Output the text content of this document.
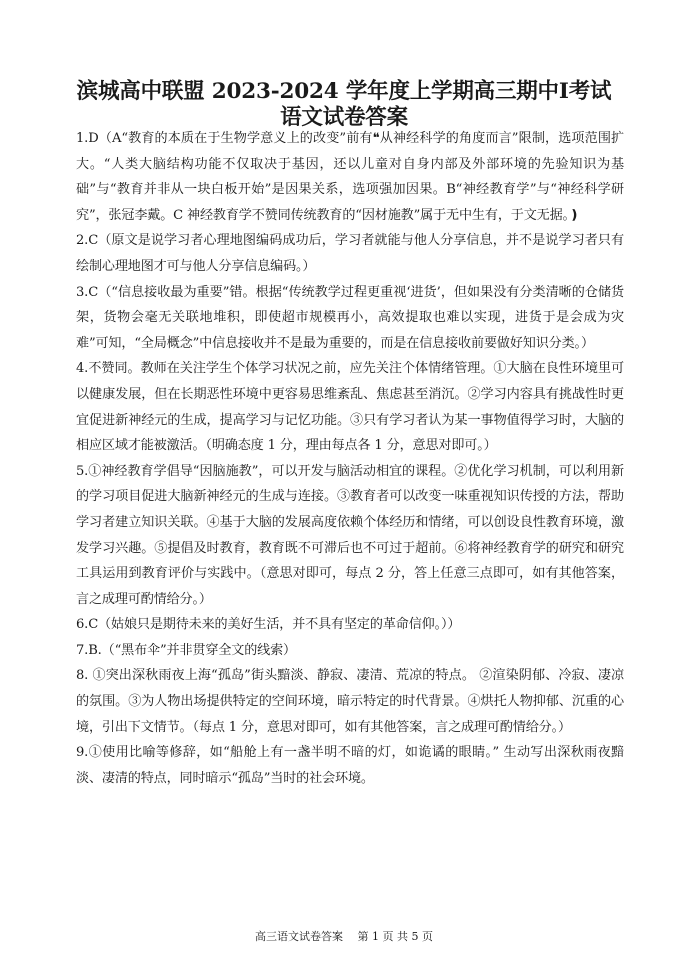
滨城高中联盟 2023-2024 学年度上学期高三期中Ⅰ考试
语文试卷答案

1.D（A“教育的本质在于生物学意义上的改变”前有❝从神经科学的角度而言”限制，选项范围扩大。“人类大脑结构功能不仅取决于基因，还以儿童对自身内部及外部环境的先验知识为基础”与“教育并非从一块白板开始”是因果关系，选项强加因果。B“神经教育学”与“神经科学研究”，张冠李戴。C 神经教育学不赞同传统教育的“因材施教”属于无中生有，于文无据。❫

2.C（原文是说学习者心理地图编码成功后，学习者就能与他人分享信息，并不是说学习者只有绘制心理地图才可与他人分享信息编码。）

3.C（“信息接收最为重要”错。根据“传统教学过程更重视‘进货’，但如果没有分类清晰的仓储货架，货物会毫无关联地堆积，即使超市规模再小，高效提取也难以实现，进货于是会成为灾难”可知，“全局概念”中信息接收并不是最为重要的，而是在信息接收前要做好知识分类。）

4.不赞同。教师在关注学生个体学习状况之前，应先关注个体情绪管理。①大脑在良性环境里可以健康发展，但在长期恶性环境中更容易思维紊乱、焦虑甚至消沉。②学习内容具有挑战性时更宜促进新神经元的生成，提高学习与记忆功能。③只有学习者认为某一事物值得学习时，大脑的相应区域才能被激活。（明确态度 1 分，理由每点各 1 分，意思对即可。）

5.①神经教育学倡导“因脑施教”，可以开发与脑活动相宜的课程。②优化学习机制，可以利用新的学习项目促进大脑新神经元的生成与连接。③教育者可以改变一味重视知识传授的方法，帮助学习者建立知识关联。④基于大脑的发展高度依赖个体经历和情绪，可以创设良性教育环境，激发学习兴趣。⑤提倡及时教育，教育既不可滞后也不可过于超前。⑥将神经教育学的研究和研究工具运用到教育评价与实践中。（意思对即可，每点 2 分，答上任意三点即可，如有其他答案，言之成理可酌情给分。）

6.C（姑娘只是期待未来的美好生活，并不具有坚定的革命信仰。））

7.B.（“黑布伞”并非贯穿全文的线索）

8. ①突出深秋雨夜上海“孤岛”街头黯淡、静寂、凄清、荒凉的特点。 ②渲染阴郁、冷寂、凄凉的氛围。③为人物出场提供特定的空间环境，暗示特定的时代背景。④烘托人物抑郁、沉重的心境，引出下文情节。（每点 1 分，意思对即可，如有其他答案，言之成理可酌情给分。）

9.①使用比喻等修辞，如“船舱上有一盏半明不暗的灯，如诡谲的眼睛。” 生动写出深秋雨夜黯淡、凄清的特点，同时暗示“孤岛”当时的社会环境。

高三语文试卷答案　 第 1 页 共 5 页
